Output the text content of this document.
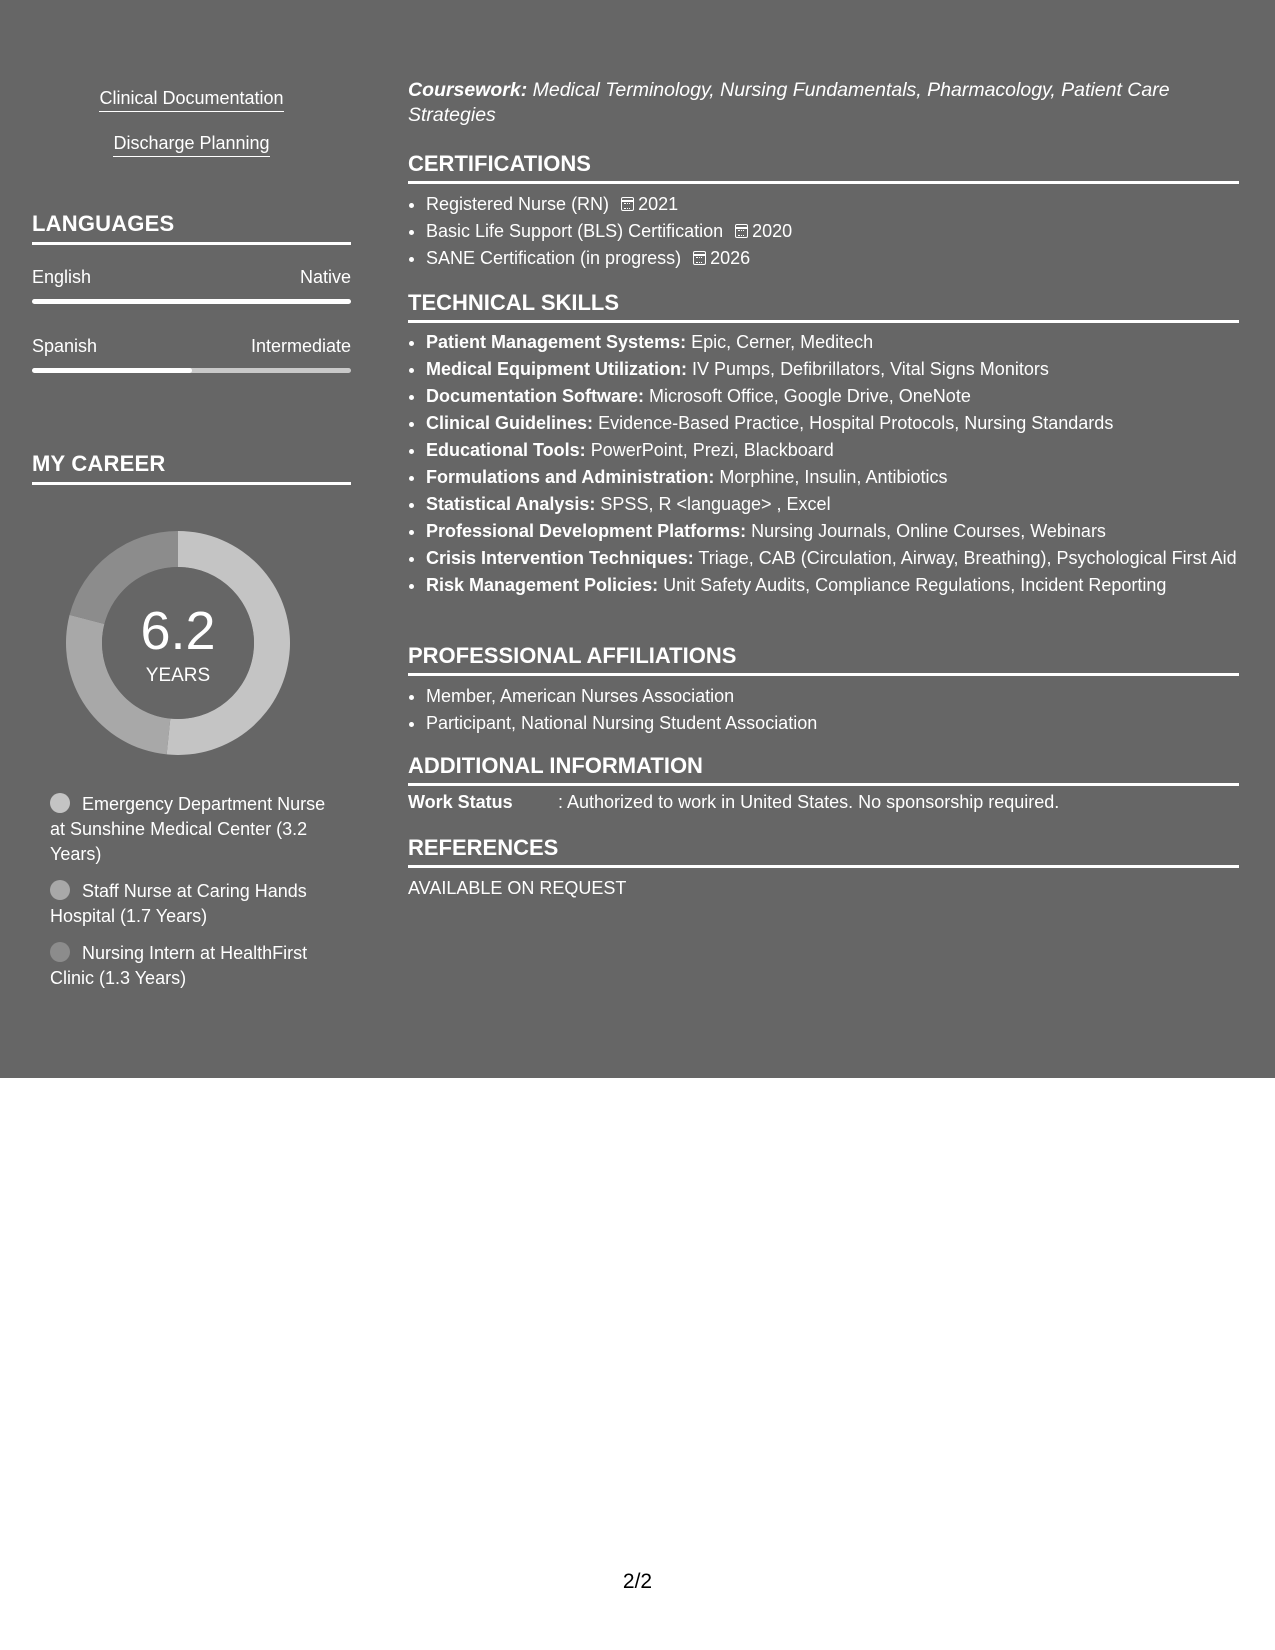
Clinical Documentation
Discharge Planning
LANGUAGES
English	Native
Spanish	Intermediate
MY CAREER
6.2
YEARS
Emergency Department Nurse at Sunshine Medical Center (3.2 Years)
Staff Nurse at Caring Hands Hospital (1.7 Years)
Nursing Intern at HealthFirst Clinic (1.3 Years)
Coursework: Medical Terminology, Nursing Fundamentals, Pharmacology, Patient Care Strategies
CERTIFICATIONS
• Registered Nurse (RN) 2021
• Basic Life Support (BLS) Certification 2020
• SANE Certification (in progress) 2026
TECHNICAL SKILLS
• Patient Management Systems: Epic, Cerner, Meditech
• Medical Equipment Utilization: IV Pumps, Defibrillators, Vital Signs Monitors
• Documentation Software: Microsoft Office, Google Drive, OneNote
• Clinical Guidelines: Evidence-Based Practice, Hospital Protocols, Nursing Standards
• Educational Tools: PowerPoint, Prezi, Blackboard
• Formulations and Administration: Morphine, Insulin, Antibiotics
• Statistical Analysis: SPSS, R <language> , Excel
• Professional Development Platforms: Nursing Journals, Online Courses, Webinars
• Crisis Intervention Techniques: Triage, CAB (Circulation, Airway, Breathing), Psychological First Aid
• Risk Management Policies: Unit Safety Audits, Compliance Regulations, Incident Reporting
PROFESSIONAL AFFILIATIONS
• Member, American Nurses Association
• Participant, National Nursing Student Association
ADDITIONAL INFORMATION
Work Status	: Authorized to work in United States. No sponsorship required.
REFERENCES
AVAILABLE ON REQUEST
2/2
